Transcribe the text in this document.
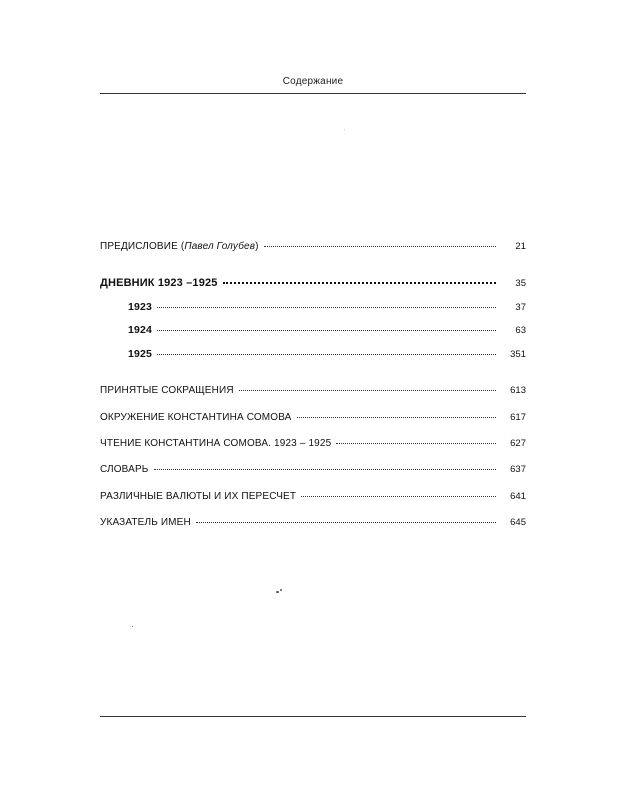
Содержание
ПРЕДИСЛОВИЕ (Павел Голубев)	21
ДНЕВНИК 1923 –1925	35
1923	37
1924	63
1925	351
ПРИНЯТЫЕ СОКРАЩЕНИЯ	613
ОКРУЖЕНИЕ КОНСТАНТИНА СОМОВА	617
ЧТЕНИЕ КОНСТАНТИНА СОМОВА. 1923 – 1925	627
СЛОВАРЬ	637
РАЗЛИЧНЫЕ ВАЛЮТЫ И ИХ ПЕРЕСЧЕТ	641
УКАЗАТЕЛЬ ИМЕН	645
